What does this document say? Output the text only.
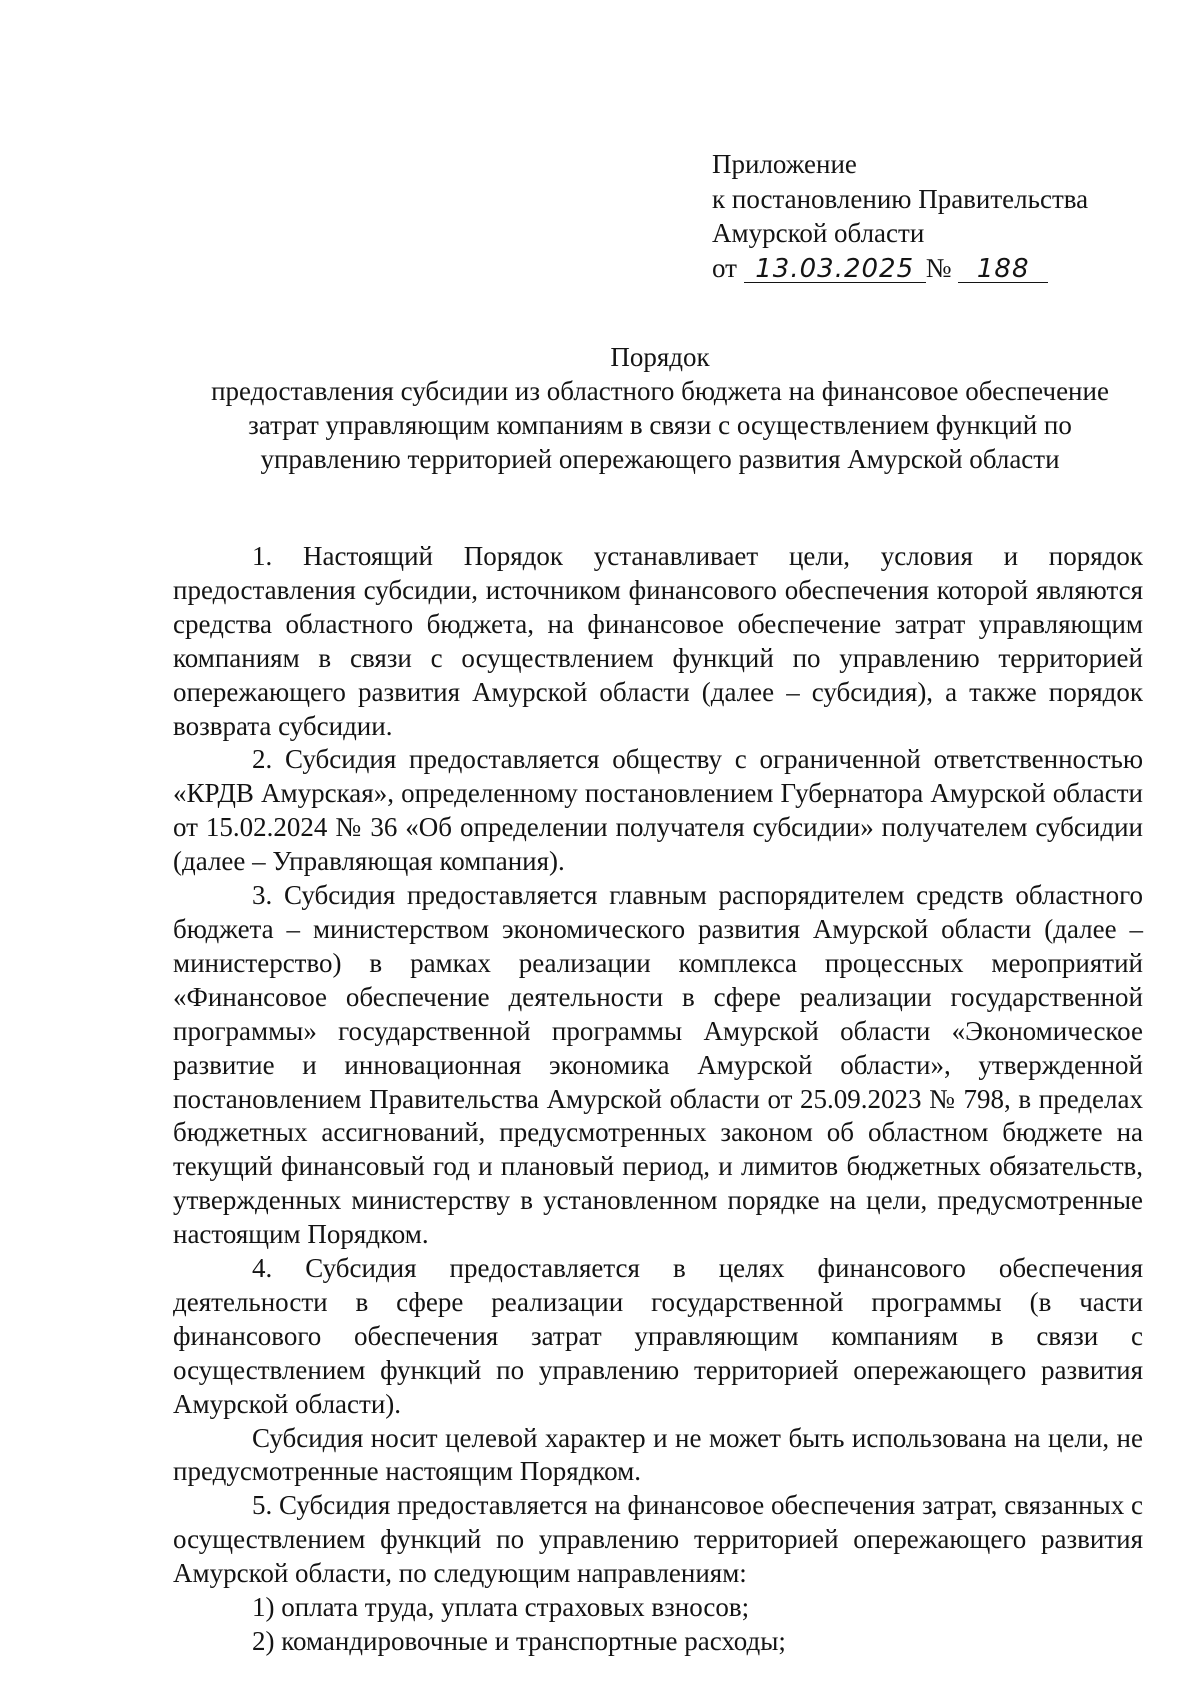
Приложение
к постановлению Правительства
Амурской области
от 13.03.2025 № 188
Порядок
предоставления субсидии из областного бюджета на финансовое обеспечение
затрат управляющим компаниям в связи с осуществлением функций по
управлению территорией опережающего развития Амурской области

1. Настоящий Порядок устанавливает цели, условия и порядок предоставления субсидии, источником финансового обеспечения которой являются средства областного бюджета, на финансовое обеспечение затрат управляющим компаниям в связи с осуществлением функций по управлению территорией опережающего развития Амурской области (далее – субсидия), а также порядок возврата субсидии.

2. Субсидия предоставляется обществу с ограниченной ответственностью «КРДВ Амурская», определенному постановлением Губернатора Амурской области от 15.02.2024 № 36 «Об определении получателя субсидии» получателем субсидии (далее – Управляющая компания).

3. Субсидия предоставляется главным распорядителем средств областного бюджета – министерством экономического развития Амурской области (далее – министерство) в рамках реализации комплекса процессных мероприятий «Финансовое обеспечение деятельности в сфере реализации государственной программы» государственной программы Амурской области «Экономическое развитие и инновационная экономика Амурской области», утвержденной постановлением Правительства Амурской области от 25.09.2023 № 798, в пределах бюджетных ассигнований, предусмотренных законом об областном бюджете на текущий финансовый год и плановый период, и лимитов бюджетных обязательств, утвержденных министерству в установленном порядке на цели, предусмотренные настоящим Порядком.

4. Субсидия предоставляется в целях финансового обеспечения деятельности в сфере реализации государственной программы (в части финансового обеспечения затрат управляющим компаниям в связи с осуществлением функций по управлению территорией опережающего развития Амурской области).

Субсидия носит целевой характер и не может быть использована на цели, не предусмотренные настоящим Порядком.

5. Субсидия предоставляется на финансовое обеспечения затрат, связанных с осуществлением функций по управлению территорией опережающего развития Амурской области, по следующим направлениям:

1) оплата труда, уплата страховых взносов;

2) командировочные и транспортные расходы;
